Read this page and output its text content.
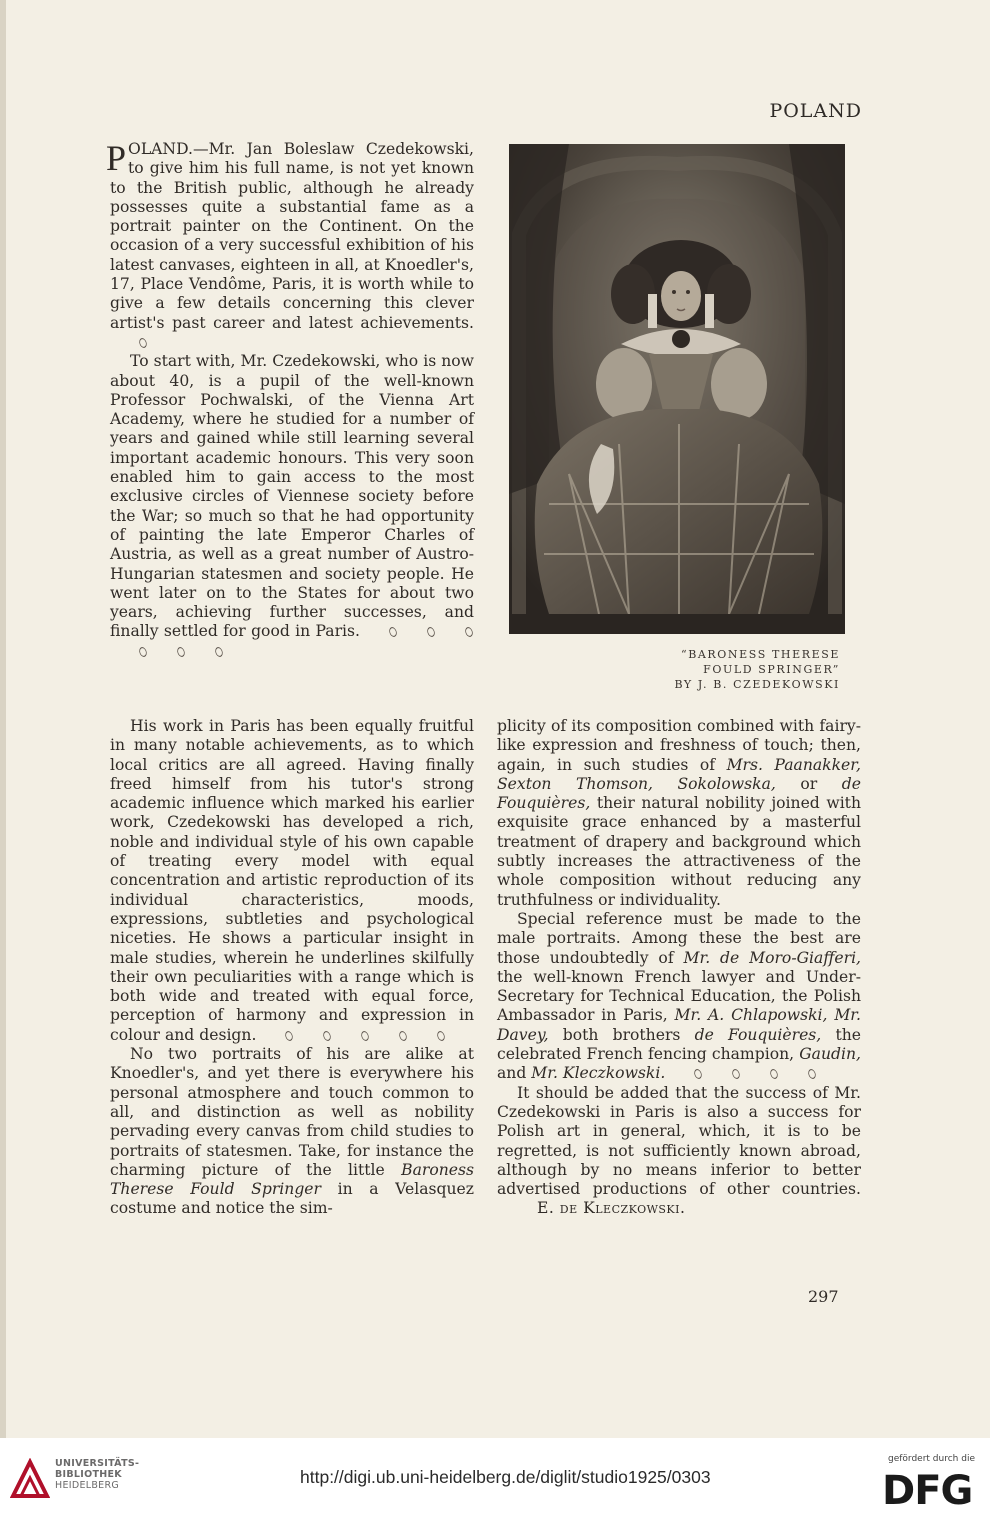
POLAND

POLAND.—Mr. Jan Boleslaw Czedekowski, to give him his full name, is not yet known to the British public, although he already possesses quite a substantial fame as a portrait painter on the Continent. On the occasion of a very successful exhibition of his latest canvases, eighteen in all, at Knoedler's, 17, Place Vendôme, Paris, it is worth while to give a few details concerning this clever artist's past career and latest achievements.

To start with, Mr. Czedekowski, who is now about 40, is a pupil of the well-known Professor Pochwalski, of the Vienna Art Academy, where he studied for a number of years and gained while still learning several important academic honours. This very soon enabled him to gain access to the most exclusive circles of Viennese society before the War; so much so that he had opportunity of painting the late Emperor Charles of Austria, as well as a great number of Austro-Hungarian statesmen and society people. He went later on to the States for about two years, achieving further successes, and finally settled for good in Paris.

“BARONESS THERESE
FOULD SPRINGER”
BY J. B. CZEDEKOWSKI

His work in Paris has been equally fruitful in many notable achievements, as to which local critics are all agreed. Having finally freed himself from his tutor's strong academic influence which marked his earlier work, Czedekowski has developed a rich, noble and individual style of his own capable of treating every model with equal concentration and artistic reproduction of its individual characteristics, moods, expressions, subtleties and psychological niceties. He shows a particular insight in male studies, wherein he underlines skilfully their own peculiarities with a range which is both wide and treated with equal force, perception of harmony and expression in colour and design.

No two portraits of his are alike at Knoedler's, and yet there is everywhere his personal atmosphere and touch common to all, and distinction as well as nobility pervading every canvas from child studies to portraits of statesmen. Take, for instance the charming picture of the little Baroness Therese Fould Springer in a Velasquez costume and notice the sim-

plicity of its composition combined with fairy-like expression and freshness of touch; then, again, in such studies of Mrs. Paanakker, Sexton Thomson, Sokolowska, or de Fouquières, their natural nobility joined with exquisite grace enhanced by a masterful treatment of drapery and background which subtly increases the attractiveness of the whole composition without reducing any truthfulness or individuality.

Special reference must be made to the male portraits. Among these the best are those undoubtedly of Mr. de Moro-Giafferi, the well-known French lawyer and Under-Secretary for Technical Education, the Polish Ambassador in Paris, Mr. A. Chlapowski, Mr. Davey, both brothers de Fouquières, the celebrated French fencing champion, Gaudin, and Mr. Kleczkowski.

It should be added that the success of Mr. Czedekowski in Paris is also a success for Polish art in general, which, it is to be regretted, is not sufficiently known abroad, although by no means inferior to better advertised productions of other countries. E. de Kleczkowski.

297
UNIVERSITÄTS-
BIBLIOTHEK
HEIDELBERG	http://digi.ub.uni-heidelberg.de/diglit/studio1925/0303
gefördert durch die
DFG
